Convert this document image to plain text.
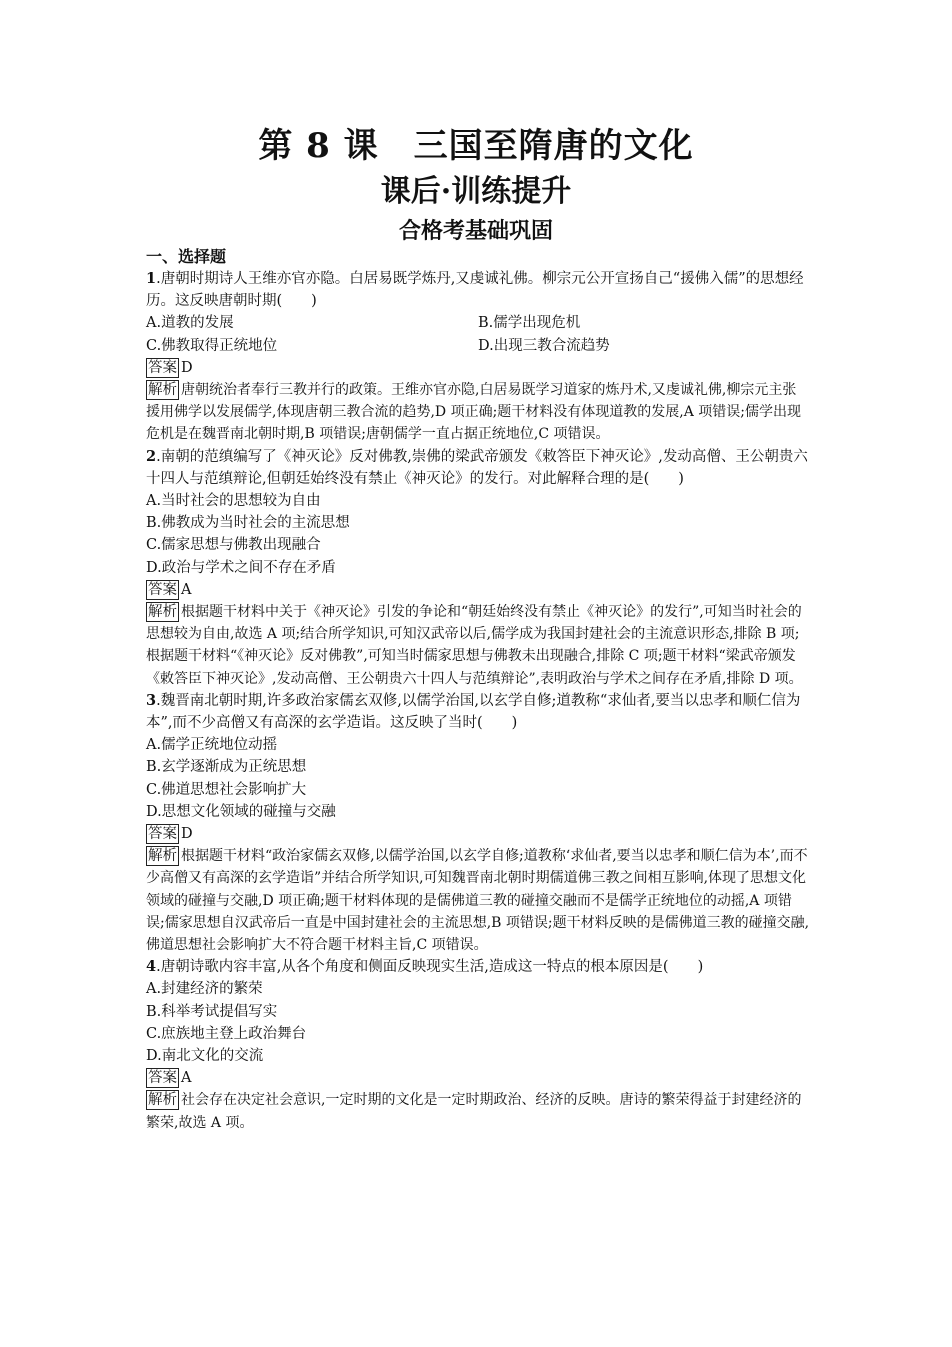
第 8 课　三国至隋唐的文化
课后·训练提升
合格考基础巩固
一、选择题
1.唐朝时期诗人王维亦官亦隐。白居易既学炼丹,又虔诚礼佛。柳宗元公开宣扬自己“援佛入儒”的思想经历。这反映唐朝时期(　　)
A.道教的发展	B.儒学出现危机
C.佛教取得正统地位	D.出现三教合流趋势
答案 D
解析 唐朝统治者奉行三教并行的政策。王维亦官亦隐,白居易既学习道家的炼丹术,又虔诚礼佛,柳宗元主张援用佛学以发展儒学,体现唐朝三教合流的趋势,D 项正确;题干材料没有体现道教的发展,A 项错误;儒学出现危机是在魏晋南北朝时期,B 项错误;唐朝儒学一直占据正统地位,C 项错误。
2.南朝的范缜编写了《神灭论》反对佛教,崇佛的梁武帝颁发《敕答臣下神灭论》,发动高僧、王公朝贵六十四人与范缜辩论,但朝廷始终没有禁止《神灭论》的发行。对此解释合理的是(　　)
A.当时社会的思想较为自由
B.佛教成为当时社会的主流思想
C.儒家思想与佛教出现融合
D.政治与学术之间不存在矛盾
答案 A
解析 根据题干材料中关于《神灭论》引发的争论和“朝廷始终没有禁止《神灭论》的发行”,可知当时社会的思想较为自由,故选 A 项;结合所学知识,可知汉武帝以后,儒学成为我国封建社会的主流意识形态,排除 B 项;根据题干材料“《神灭论》反对佛教”,可知当时儒家思想与佛教未出现融合,排除 C 项;题干材料“梁武帝颁发《敕答臣下神灭论》,发动高僧、王公朝贵六十四人与范缜辩论”,表明政治与学术之间存在矛盾,排除 D 项。
3.魏晋南北朝时期,许多政治家儒玄双修,以儒学治国,以玄学自修;道教称“求仙者,要当以忠孝和顺仁信为本”,而不少高僧又有高深的玄学造诣。这反映了当时(　　)
A.儒学正统地位动摇
B.玄学逐渐成为正统思想
C.佛道思想社会影响扩大
D.思想文化领域的碰撞与交融
答案 D
解析 根据题干材料“政治家儒玄双修,以儒学治国,以玄学自修;道教称‘求仙者,要当以忠孝和顺仁信为本’,而不少高僧又有高深的玄学造诣”并结合所学知识,可知魏晋南北朝时期儒道佛三教之间相互影响,体现了思想文化领域的碰撞与交融,D 项正确;题干材料体现的是儒佛道三教的碰撞交融而不是儒学正统地位的动摇,A 项错误;儒家思想自汉武帝后一直是中国封建社会的主流思想,B 项错误;题干材料反映的是儒佛道三教的碰撞交融,佛道思想社会影响扩大不符合题干材料主旨,C 项错误。
4.唐朝诗歌内容丰富,从各个角度和侧面反映现实生活,造成这一特点的根本原因是(　　)
A.封建经济的繁荣
B.科举考试提倡写实
C.庶族地主登上政治舞台
D.南北文化的交流
答案 A
解析 社会存在决定社会意识,一定时期的文化是一定时期政治、经济的反映。唐诗的繁荣得益于封建经济的繁荣,故选 A 项。
